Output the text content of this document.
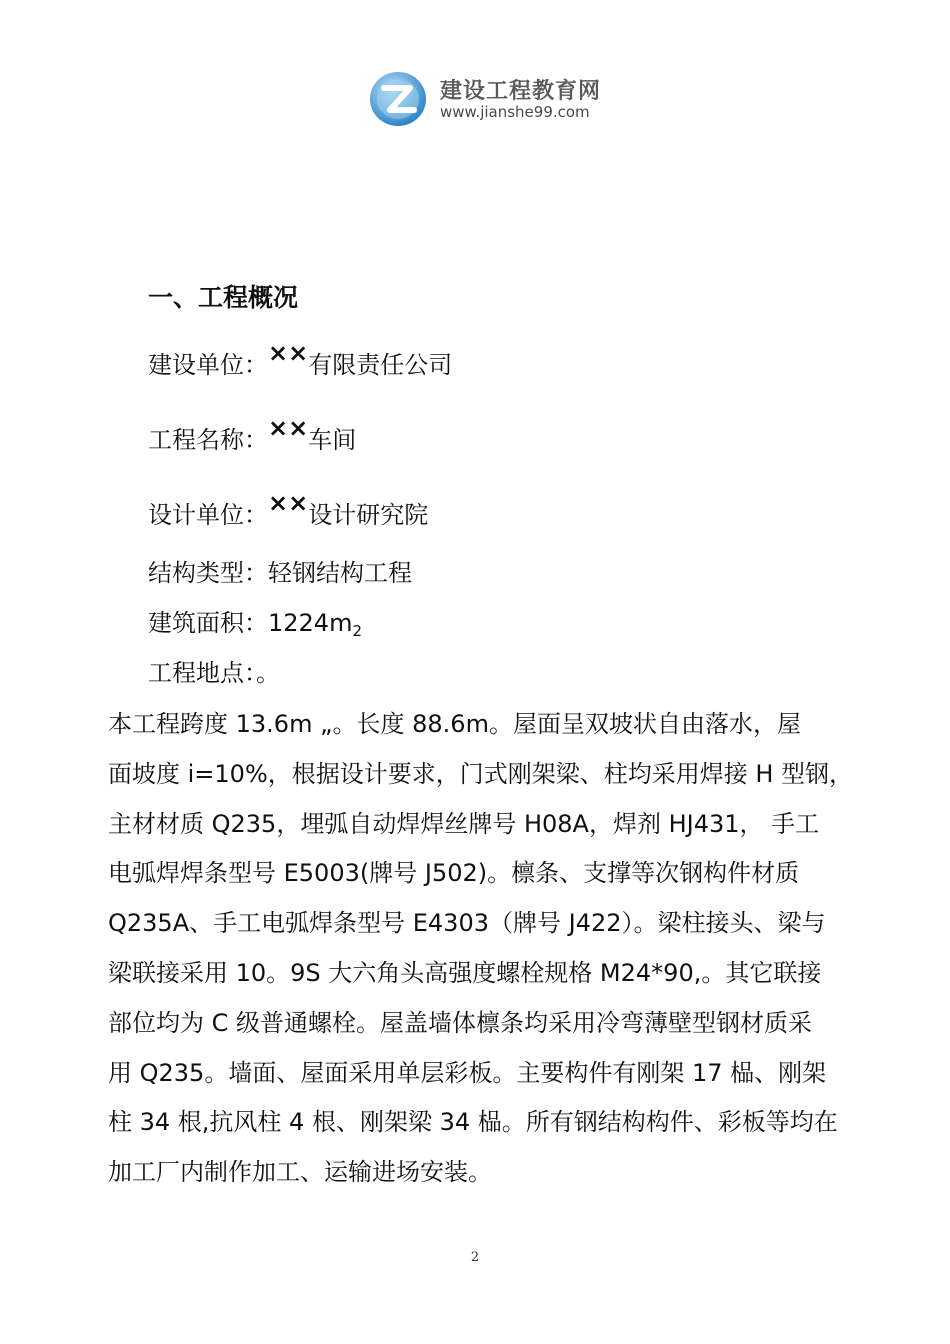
建设工程教育网
www.jianshe99.com
一、工程概况
建设单位：××有限责任公司
工程名称：××车间
设计单位：××设计研究院
结构类型：轻钢结构工程
建筑面积：$1224m_2$
工程地点：。

本工程跨度 13.6m „。长度 88.6m。屋面呈双坡状自由落水，屋
面坡度 i=10%，根据设计要求，门式刚架梁、柱均采用焊接 H 型钢，
主材材质 Q235，埋弧自动焊焊丝牌号 H08A，焊剂 HJ431， 手工
电弧焊焊条型号 E5003(牌号 J502)。檩条、支撑等次钢构件材质
Q235A、手工电弧焊条型号 E4303（牌号 J422）。梁柱接头、梁与
梁联接采用 10。9S 大六角头高强度螺栓规格 M24*90,。其它联接
部位均为 C 级普通螺栓。屋盖墙体檩条均采用冷弯薄壁型钢材质采
用 Q235。墙面、屋面采用单层彩板。主要构件有刚架 17 榀、刚架
柱 34 根,抗风柱 4 根、刚架梁 34 榀。所有钢结构构件、彩板等均在
加工厂内制作加工、运输进场安装。

2
